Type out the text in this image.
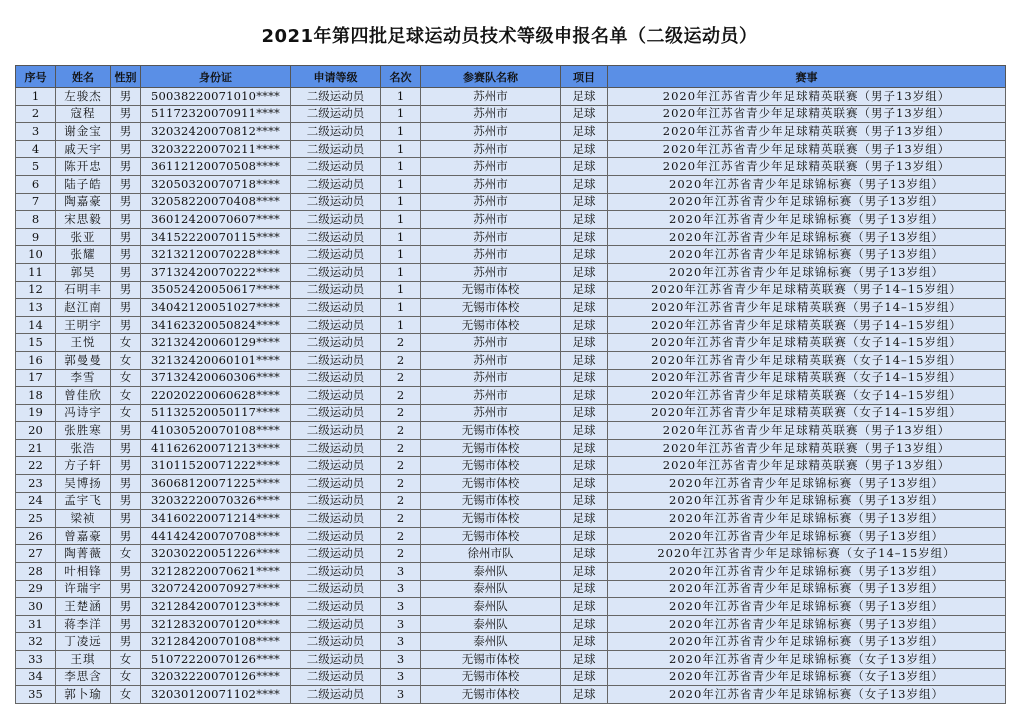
2021年第四批足球运动员技术等级申报名单（二级运动员）
序号	姓名	性别	身份证	申请等级	名次	参赛队名称	项目	赛事
1	左骏杰	男	50038220071010****	二级运动员	1	苏州市	足球	2020年江苏省青少年足球精英联赛（男子13岁组）
2	寇程	男	51172320070911****	二级运动员	1	苏州市	足球	2020年江苏省青少年足球精英联赛（男子13岁组）
3	谢金宝	男	32032420070812****	二级运动员	1	苏州市	足球	2020年江苏省青少年足球精英联赛（男子13岁组）
4	戚天宇	男	32032220070211****	二级运动员	1	苏州市	足球	2020年江苏省青少年足球精英联赛（男子13岁组）
5	陈开忠	男	36112120070508****	二级运动员	1	苏州市	足球	2020年江苏省青少年足球精英联赛（男子13岁组）
6	陆子皓	男	32050320070718****	二级运动员	1	苏州市	足球	2020年江苏省青少年足球锦标赛（男子13岁组）
7	陶嘉豪	男	32058220070408****	二级运动员	1	苏州市	足球	2020年江苏省青少年足球锦标赛（男子13岁组）
8	宋思毅	男	36012420070607****	二级运动员	1	苏州市	足球	2020年江苏省青少年足球锦标赛（男子13岁组）
9	张亚	男	34152220070115****	二级运动员	1	苏州市	足球	2020年江苏省青少年足球锦标赛（男子13岁组）
10	张耀	男	32132120070228****	二级运动员	1	苏州市	足球	2020年江苏省青少年足球锦标赛（男子13岁组）
11	郭昊	男	37132420070222****	二级运动员	1	苏州市	足球	2020年江苏省青少年足球锦标赛（男子13岁组）
12	石明丰	男	35052420050617****	二级运动员	1	无锡市体校	足球	2020年江苏省青少年足球精英联赛（男子14–15岁组）
13	赵江南	男	34042120051027****	二级运动员	1	无锡市体校	足球	2020年江苏省青少年足球精英联赛（男子14–15岁组）
14	王明宇	男	34162320050824****	二级运动员	1	无锡市体校	足球	2020年江苏省青少年足球精英联赛（男子14–15岁组）
15	王悦	女	32132420060129****	二级运动员	2	苏州市	足球	2020年江苏省青少年足球精英联赛（女子14–15岁组）
16	郭曼曼	女	32132420060101****	二级运动员	2	苏州市	足球	2020年江苏省青少年足球精英联赛（女子14–15岁组）
17	李雪	女	37132420060306****	二级运动员	2	苏州市	足球	2020年江苏省青少年足球精英联赛（女子14–15岁组）
18	曾佳欣	女	22020220060628****	二级运动员	2	苏州市	足球	2020年江苏省青少年足球精英联赛（女子14–15岁组）
19	冯诗宇	女	51132520050117****	二级运动员	2	苏州市	足球	2020年江苏省青少年足球精英联赛（女子14–15岁组）
20	张胜寒	男	41030520070108****	二级运动员	2	无锡市体校	足球	2020年江苏省青少年足球精英联赛（男子13岁组）
21	张浩	男	41162620071213****	二级运动员	2	无锡市体校	足球	2020年江苏省青少年足球精英联赛（男子13岁组）
22	方子轩	男	31011520071222****	二级运动员	2	无锡市体校	足球	2020年江苏省青少年足球精英联赛（男子13岁组）
23	吴博扬	男	36068120071225****	二级运动员	2	无锡市体校	足球	2020年江苏省青少年足球锦标赛（男子13岁组）
24	孟宇飞	男	32032220070326****	二级运动员	2	无锡市体校	足球	2020年江苏省青少年足球锦标赛（男子13岁组）
25	梁祯	男	34160220071214****	二级运动员	2	无锡市体校	足球	2020年江苏省青少年足球锦标赛（男子13岁组）
26	曾嘉豪	男	44142420070708****	二级运动员	2	无锡市体校	足球	2020年江苏省青少年足球锦标赛（男子13岁组）
27	陶菁薇	女	32030220051226****	二级运动员	2	徐州市队	足球	2020年江苏省青少年足球锦标赛（女子14–15岁组）
28	叶相锋	男	32128220070621****	二级运动员	3	泰州队	足球	2020年江苏省青少年足球锦标赛（男子13岁组）
29	许瑞宇	男	32072420070927****	二级运动员	3	泰州队	足球	2020年江苏省青少年足球锦标赛（男子13岁组）
30	王楚涵	男	32128420070123****	二级运动员	3	泰州队	足球	2020年江苏省青少年足球锦标赛（男子13岁组）
31	蒋李洋	男	32128320070120****	二级运动员	3	泰州队	足球	2020年江苏省青少年足球锦标赛（男子13岁组）
32	丁凌远	男	32128420070108****	二级运动员	3	泰州队	足球	2020年江苏省青少年足球锦标赛（男子13岁组）
33	王琪	女	51072220070126****	二级运动员	3	无锡市体校	足球	2020年江苏省青少年足球锦标赛（女子13岁组）
34	李思含	女	32032220070126****	二级运动员	3	无锡市体校	足球	2020年江苏省青少年足球锦标赛（女子13岁组）
35	郭卜瑜	女	32030120071102****	二级运动员	3	无锡市体校	足球	2020年江苏省青少年足球锦标赛（女子13岁组）
